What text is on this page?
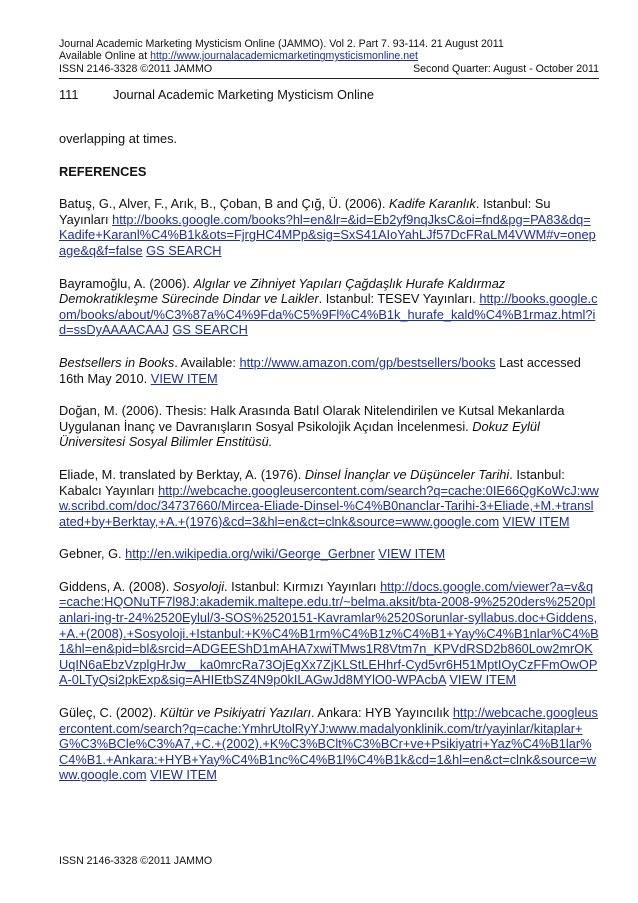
Journal Academic Marketing Mysticism Online (JAMMO). Vol 2. Part 7. 93-114. 21 August 2011
Available Online at http://www.journalacademicmarketingmysticismonline.net
ISSN 2146-3328 ©2011 JAMMO	Second Quarter: August - October 2011
111	Journal Academic Marketing Mysticism Online
overlapping at times.
REFERENCES
Batuş, G., Alver, F., Arık, B., Çoban, B and Çığ, Ü. (2006). Kadife Karanlık. Istanbul: Su Yayınları http://books.google.com/books?hl=en&lr=&id=Eb2yf9nqJksC&oi=fnd&pg=PA83&dq=Kadife+Karanl%C4%B1k&ots=FjrgHC4MPp&sig=SxS41AIoYahLJf57DcFRaLM4VWM#v=onepage&q&f=false GS SEARCH
Bayramoğlu, A. (2006). Algılar ve Zihniyet Yapıları Çağdaşlık Hurafe Kaldırmaz Demokratikleşme Sürecinde Dindar ve Laikler. Istanbul: TESEV Yayınları. http://books.google.com/books/about/%C3%87a%C4%9Fda%C5%9Fl%C4%B1k_hurafe_kald%C4%B1rmaz.html?id=ssDyAAAACAAJ GS SEARCH
Bestsellers in Books. Available: http://www.amazon.com/gp/bestsellers/books Last accessed 16th May 2010. VIEW ITEM
Doğan, M. (2006). Thesis: Halk Arasında Batıl Olarak Nitelendirilen ve Kutsal Mekanlarda Uygulanan İnanç ve Davranışların Sosyal Psikolojik Açıdan İncelenmesi. Dokuz Eylül Üniversitesi Sosyal Bilimler Enstitüsü.
Eliade, M. translated by Berktay, A. (1976). Dinsel İnançlar ve Düşünceler Tarihi. Istanbul: Kabalcı Yayınları http://webcache.googleusercontent.com/search?q=cache:0IE66QgKoWcJ:www.scribd.com/doc/34737660/Mircea-Eliade-Dinsel-%C4%B0nanclar-Tarihi-3+Eliade,+M.+translated+by+Berktay,+A.+(1976)&cd=3&hl=en&ct=clnk&source=www.google.com VIEW ITEM
Gebner, G. http://en.wikipedia.org/wiki/George_Gerbner VIEW ITEM
Giddens, A. (2008). Sosyoloji. Istanbul: Kırmızı Yayınları http://docs.google.com/viewer?a=v&q=cache:HQONuTF7l98J:akademik.maltepe.edu.tr/~belma.aksit/bta-2008-9%2520ders%2520planlari-ing-tr-24%2520Eylul/3-SOS%2520151-Kavramlar%2520Sorunlar-syllabus.doc+Giddens,+A.+(2008).+Sosyoloji.+Istanbul:+K%C4%B1rm%C4%B1z%C4%B1+Yay%C4%B1nlar%C4%B1&hl=en&pid=bl&srcid=ADGEEShD1mAHA7xwiTMws1R8Vtm7n_KPVdRSD2b860Low2mrOKUqIN6aEbzVzplgHrJw__ka0mrcRa73OjEgXx7ZjKLStLEHhrf-Cyd5vr6H51MptIOyCzFFmOwOPA-0LTyQsi2pkExp&sig=AHIEtbSZ4N9p0kILAGwJd8MYlO0-WPAcbA VIEW ITEM
Güleç, C. (2002). Kültür ve Psikiyatri Yazıları. Ankara: HYB Yayıncılık http://webcache.googleusercontent.com/search?q=cache:YmhrUtolRyYJ:www.madalyonklinik.com/tr/yayinlar/kitaplar+G%C3%BCle%C3%A7,+C.+(2002).+K%C3%BClt%C3%BCr+ve+Psikiyatri+Yaz%C4%B1lar%C4%B1.+Ankara:+HYB+Yay%C4%B1nc%C4%B1l%C4%B1k&cd=1&hl=en&ct=clnk&source=www.google.com VIEW ITEM
ISSN 2146-3328 ©2011 JAMMO
